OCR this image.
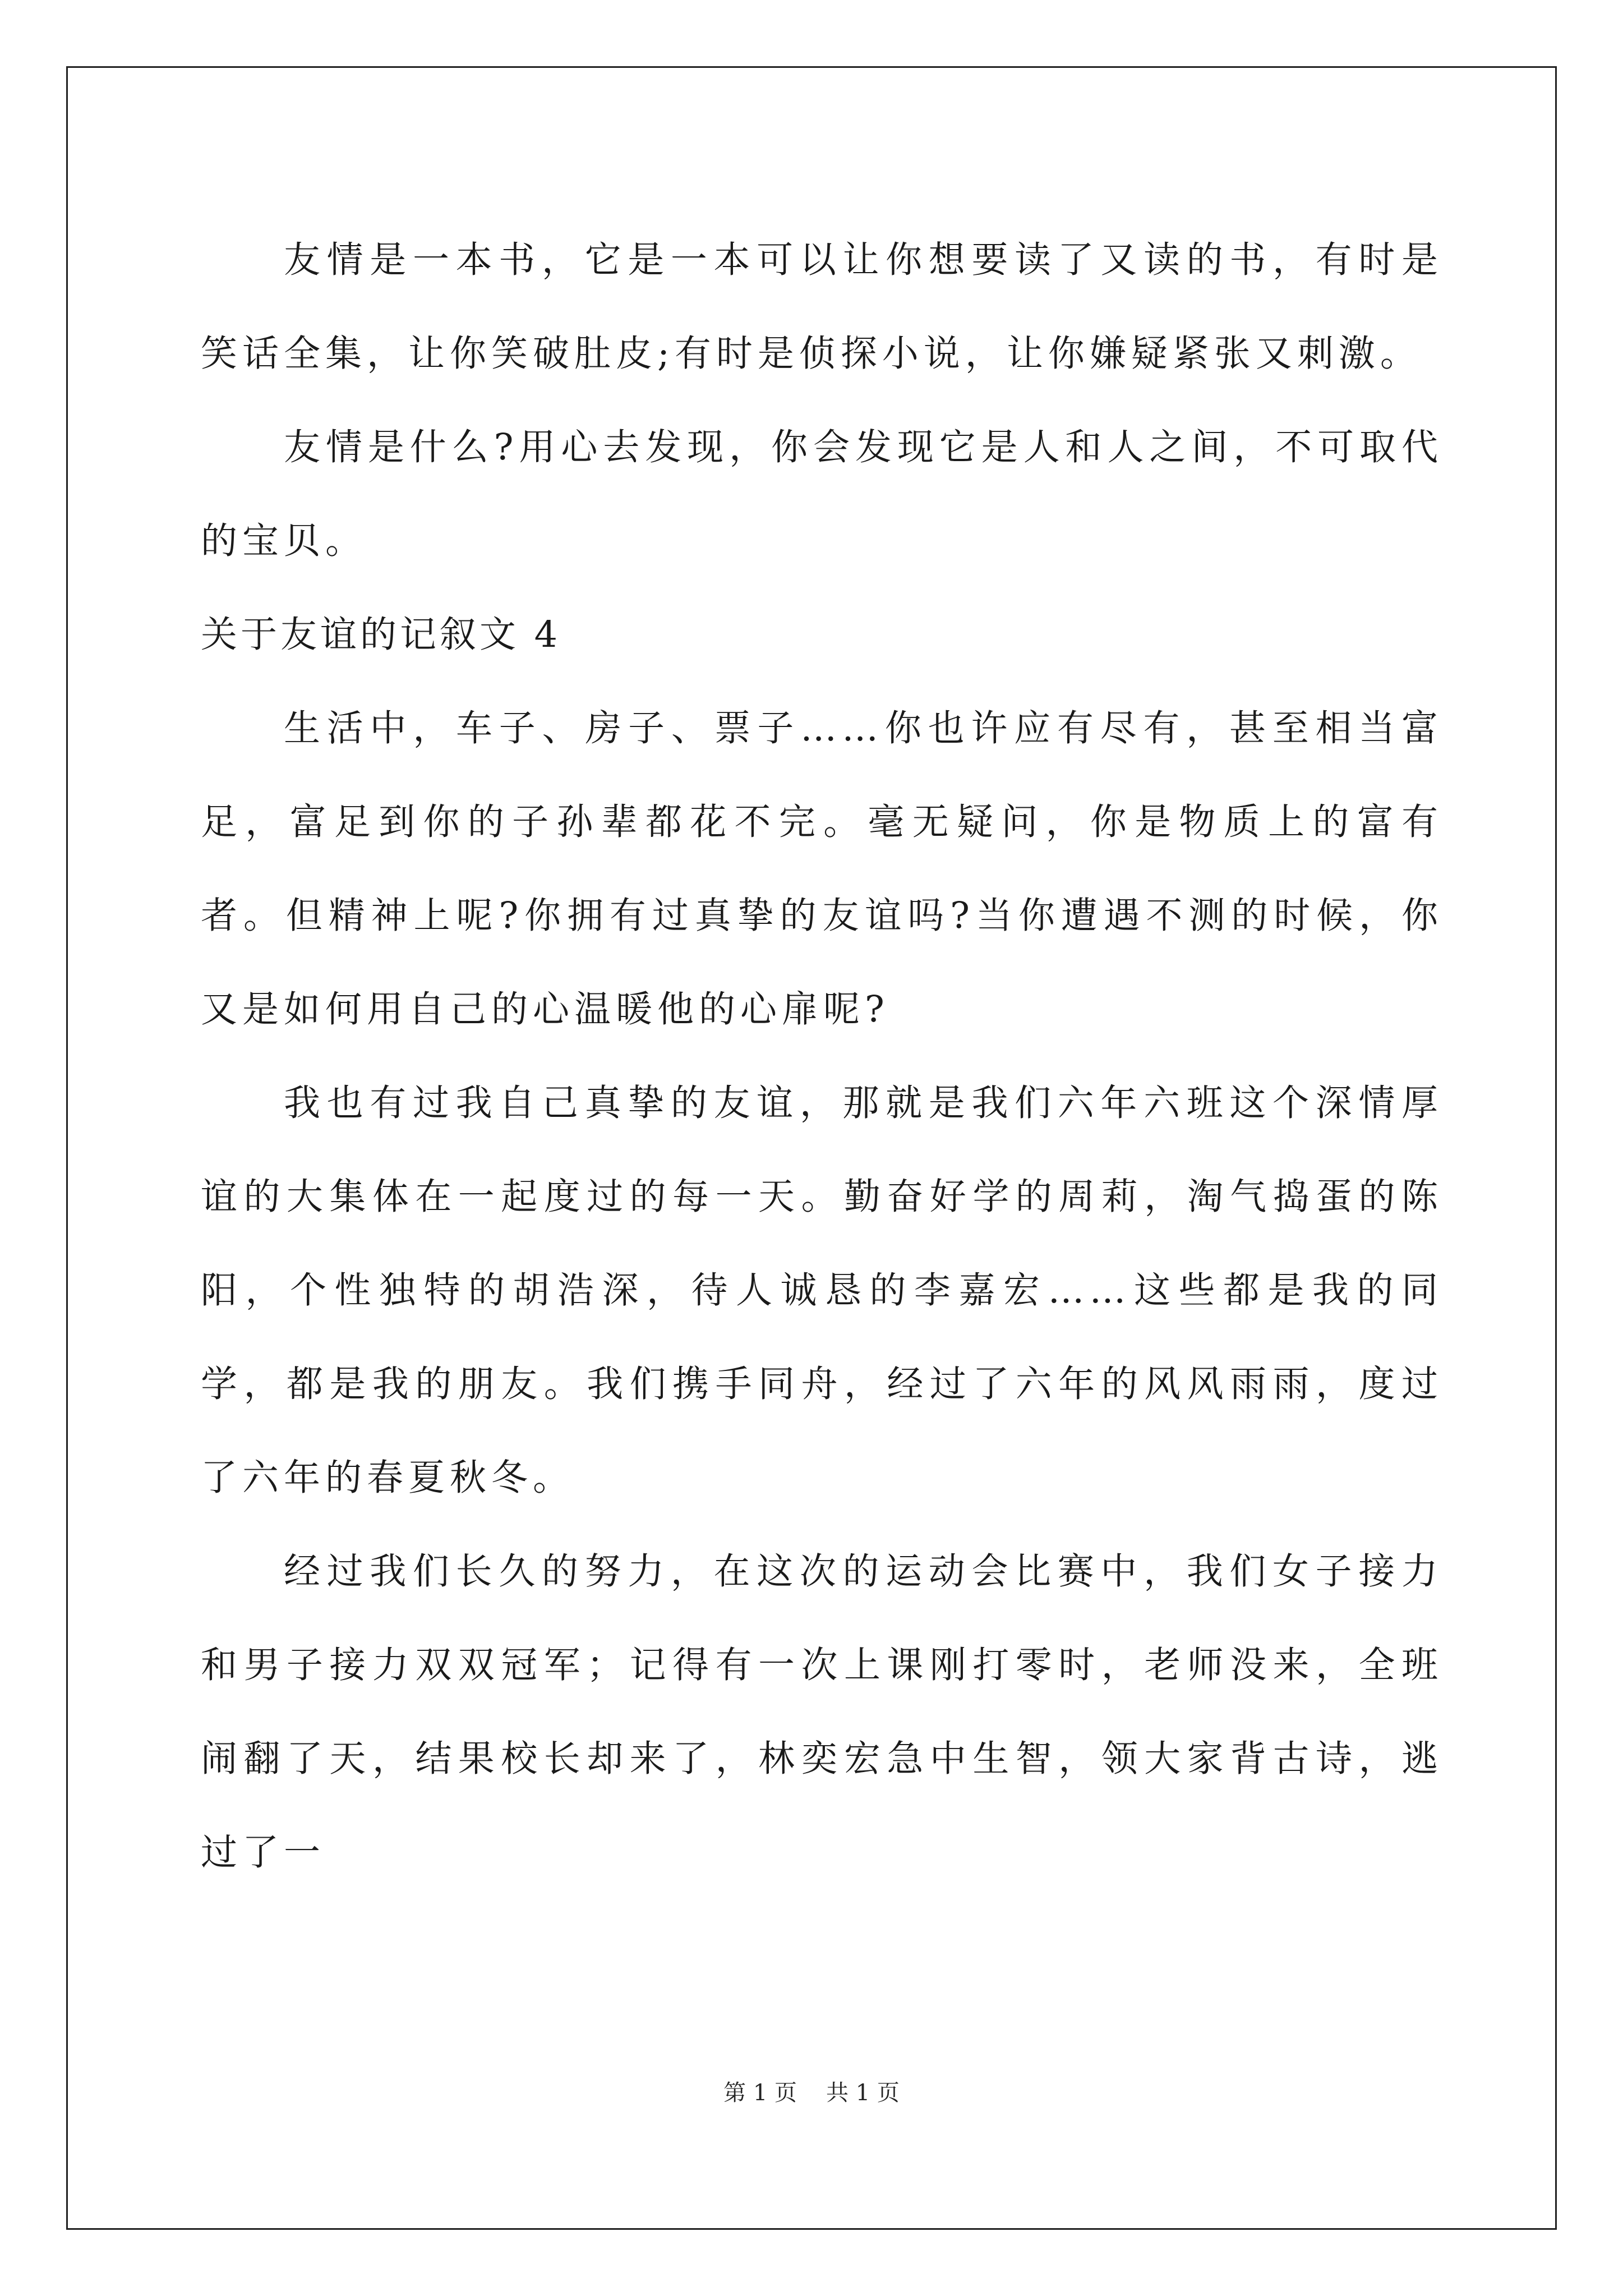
友情是一本书，它是一本可以让你想要读了又读的书，有时是笑话全集，让你笑破肚皮;有时是侦探小说，让你嫌疑紧张又刺激。

友情是什么?用心去发现，你会发现它是人和人之间，不可取代的宝贝。

关于友谊的记叙文 4

生活中，车子、房子、票子……你也许应有尽有，甚至相当富足，富足到你的子孙辈都花不完。毫无疑问，你是物质上的富有者。但精神上呢?你拥有过真挚的友谊吗?当你遭遇不测的时候，你又是如何用自己的心温暖他的心扉呢?

我也有过我自己真挚的友谊，那就是我们六年六班这个深情厚谊的大集体在一起度过的每一天。勤奋好学的周莉，淘气捣蛋的陈阳，个性独特的胡浩深，待人诚恳的李嘉宏……这些都是我的同学，都是我的朋友。我们携手同舟，经过了六年的风风雨雨，度过了六年的春夏秋冬。

经过我们长久的努力，在这次的运动会比赛中，我们女子接力和男子接力双双冠军；记得有一次上课刚打零时，老师没来，全班闹翻了天，结果校长却来了，林奕宏急中生智，领大家背古诗，逃过了一

第 1 页 共 1 页
